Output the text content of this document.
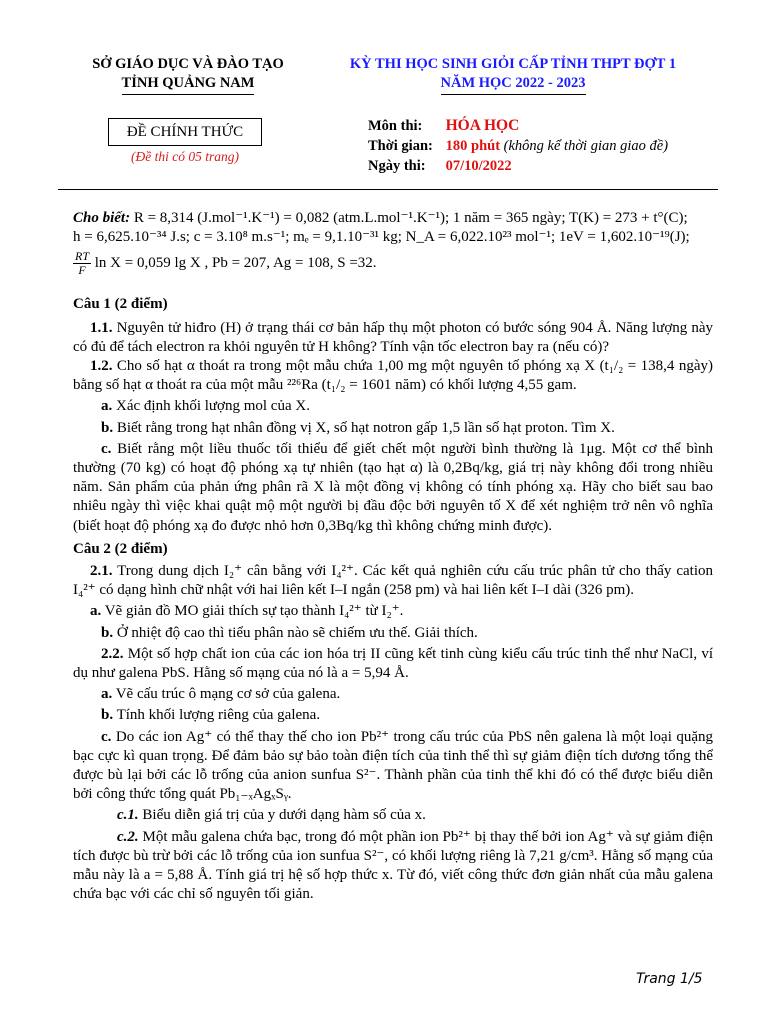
SỞ GIÁO DỤC VÀ ĐÀO TẠO
TỈNH QUẢNG NAM
KỲ THI HỌC SINH GIỎI CẤP TỈNH THPT ĐỢT 1
NĂM HỌC 2022 - 2023
ĐỀ CHÍNH THỨC
(Đề thi có 05 trang)
Môn thi: HÓA HỌC
Thời gian: 180 phút (không kể thời gian giao đề)
Ngày thi: 07/10/2022

Cho biết: R = 8,314 (J.mol⁻¹.K⁻¹) = 0,082 (atm.L.mol⁻¹.K⁻¹); 1 năm = 365 ngày; T(K) = 273 + t°(C);

h = 6,625.10⁻³⁴ J.s; c = 3.10⁸ m.s⁻¹; mₑ = 9,1.10⁻³¹ kg; N_A = 6,022.10²³ mol⁻¹; 1eV = 1,602.10⁻¹⁹(J);

$\frac{RT}{F}$ ln X = 0,059 lg X , Pb = 207, Ag = 108, S =32.

Câu 1 (2 điểm)

1.1. Nguyên tử hiđro (H) ở trạng thái cơ bản hấp thụ một photon có bước sóng 904 Å. Năng lượng này có đủ để tách electron ra khỏi nguyên tử H không? Tính vận tốc electron bay ra (nếu có)?

1.2. Cho số hạt α thoát ra trong một mẫu chứa 1,00 mg một nguyên tố phóng xạ X (t₁/₂ = 138,4 ngày) bằng số hạt α thoát ra của một mẫu ²²⁶Ra (t₁/₂ = 1601 năm) có khối lượng 4,55 gam.

a. Xác định khối lượng mol của X.

b. Biết rằng trong hạt nhân đồng vị X, số hạt notron gấp 1,5 lần số hạt proton. Tìm X.

c. Biết rằng một liều thuốc tối thiểu để giết chết một người bình thường là 1μg. Một cơ thể bình thường (70 kg) có hoạt độ phóng xạ tự nhiên (tạo hạt α) là 0,2Bq/kg, giá trị này không đổi trong nhiều năm. Sản phẩm của phản ứng phân rã X là một đồng vị không có tính phóng xạ. Hãy cho biết sau bao nhiêu ngày thì việc khai quật mộ một người bị đầu độc bởi nguyên tố X để xét nghiệm trở nên vô nghĩa (biết hoạt độ phóng xạ đo được nhỏ hơn 0,3Bq/kg thì không chứng minh được).

Câu 2 (2 điểm)

2.1. Trong dung dịch I₂⁺ cân bằng với I₄²⁺. Các kết quả nghiên cứu cấu trúc phân tử cho thấy cation I₄²⁺ có dạng hình chữ nhật với hai liên kết I–I ngắn (258 pm) và hai liên kết I–I dài (326 pm).

a. Vẽ giản đồ MO giải thích sự tạo thành I₄²⁺ từ I₂⁺.

b. Ở nhiệt độ cao thì tiểu phân nào sẽ chiếm ưu thế. Giải thích.

2.2. Một số hợp chất ion của các ion hóa trị II cũng kết tinh cùng kiểu cấu trúc tinh thể như NaCl, ví dụ như galena PbS. Hằng số mạng của nó là a = 5,94 Å.

a. Vẽ cấu trúc ô mạng cơ sở của galena.

b. Tính khối lượng riêng của galena.

c. Do các ion Ag⁺ có thể thay thế cho ion Pb²⁺ trong cấu trúc của PbS nên galena là một loại quặng bạc cực kì quan trọng. Để đảm bảo sự bảo toàn điện tích của tinh thể thì sự giảm điện tích dương tổng thể được bù lại bởi các lỗ trống của anion sunfua S²⁻. Thành phần của tinh thể khi đó có thể được biểu diễn bởi công thức tổng quát Pb₁₋ₓAgₓSᵧ.

c.1. Biểu diễn giá trị của y dưới dạng hàm số của x.

c.2. Một mẫu galena chứa bạc, trong đó một phần ion Pb²⁺ bị thay thế bởi ion Ag⁺ và sự giảm điện tích được bù trừ bởi các lỗ trống của ion sunfua S²⁻, có khối lượng riêng là 7,21 g/cm³. Hằng số mạng của mẫu này là a = 5,88 Å. Tính giá trị hệ số hợp thức x. Từ đó, viết công thức đơn giản nhất của mẫu galena chứa bạc với các chỉ số nguyên tối giản.

Trang 1/5
